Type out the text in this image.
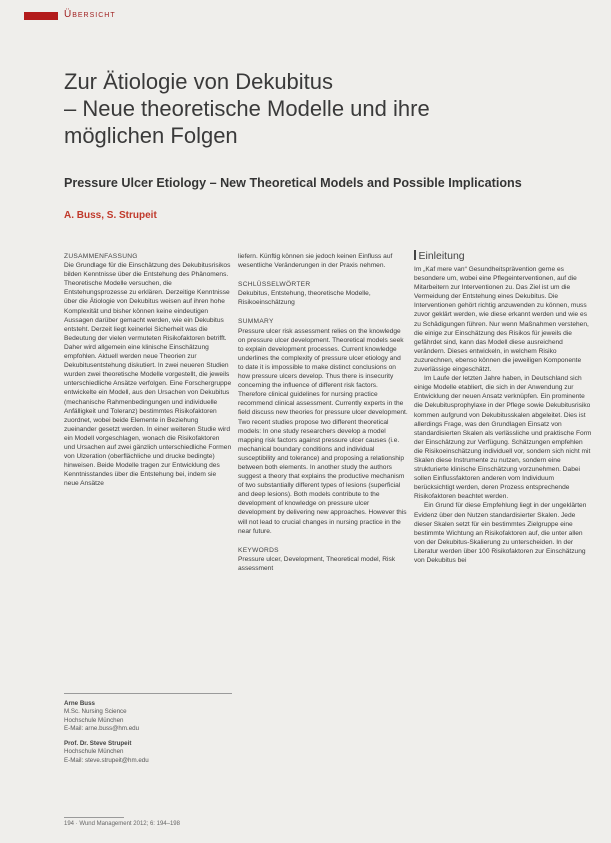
Übersicht
Zur Ätiologie von Dekubitus
– Neue theoretische Modelle und ihre
möglichen Folgen
Pressure Ulcer Etiology – New Theoretical Models and Possible Implications
A. Buss, S. Strupeit

ZUSAMMENFASSUNG

Die Grundlage für die Einschätzung des Dekubitusrisikos bilden Kenntnisse über die Entstehung des Phänomens. Theoretische Modelle versuchen, die Entstehungsprozesse zu erklären. Derzeitige Kenntnisse über die Ätiologie von Dekubitus weisen auf ihren hohe Komplexität und bisher können keine eindeutigen Aussagen darüber gemacht werden, wie ein Dekubitus entsteht. Derzeit liegt keinerlei Sicherheit was die Bedeutung der vielen vermuteten Risikofaktoren betrifft. Daher wird allgemein eine klinische Einschätzung empfohlen. Aktuell werden neue Theorien zur Dekubitusentstehung diskutiert. In zwei neueren Studien wurden zwei theoretische Modelle vorgestellt, die jeweils unterschiedliche Ansätze verfolgen. Eine Forschergruppe entwickelte ein Modell, aus den Ursachen von Dekubitus (mechanische Rahmenbedingungen und individuelle Anfälligkeit und Toleranz) bestimmtes Risikofaktoren zuordnet, wobei beide Elemente in Beziehung zueinander gesetzt werden. In einer weiteren Studie wird ein Modell vorgeschlagen, wonach die Risikofaktoren und Ursachen auf zwei gänzlich unterschiedliche Formen von Ulzeration (oberflächliche und drucke bedingte) hinweisen. Beide Modelle tragen zur Entwicklung des Kenntnisstandes über die Entstehung bei, indem sie neue Ansätze

liefern. Künftig können sie jedoch keinen Einfluss auf wesentliche Veränderungen in der Praxis nehmen.

SCHLÜSSELWÖRTER

Dekubitus, Entstehung, theoretische Modelle, Risikoeinschätzung

SUMMARY

Pressure ulcer risk assessment relies on the knowledge on pressure ulcer development. Theoretical models seek to explain development processes. Current knowledge underlines the complexity of pressure ulcer etiology and to date it is impossible to make distinct conclusions on how pressure ulcers develop. Thus there is insecurity concerning the influence of different risk factors. Therefore clinical guidelines for nursing practice recommend clinical assessment. Currently experts in the field discuss new theories for pressure ulcer development. Two recent studies propose two different theoretical models: In one study researchers develop a model mapping risk factors against pressure ulcer causes (i.e. mechanical boundary conditions and individual susceptibility and tolerance) and proposing a relationship between both elements. In another study the authors suggest a theory that explains the productive mechanism of two substantially different types of lesions (superficial and deep lesions). Both models contribute to the development of knowledge on pressure ulcer development by delivering new approaches. However this will not lead to crucial changes in nursing practice in the near future.

KEYWORDS

Pressure ulcer, Development, Theoretical model, Risk assessment

Einleitung

Im „Kaf mere van“ Gesundheitsprävention gerne es besondere um, wobei eine Pflegeinterventionen, auf die Mitarbeitern zur Interventionen zu. Das Ziel ist um die Vermeidung der Entstehung eines Dekubitus. Die Interventionen gehört richtig anzuwenden zu können, muss zuvor geklärt werden, wie diese erkannt werden und wie es zu Schädigungen führen. Nur wenn Maßnahmen verstehen, die einige zur Einschätzung des Risikos für jeweils die gefährdet sind, kann das Modell diese ausreichend verändern. Dieses entwickeln, in welchem Risiko zuzurechnen, ebenso können die jeweiligen Komponente zuverlässige eingeschätzt.

Im Laufe der letzten Jahre haben, in Deutschland sich einige Modelle etabliert, die sich in der Anwendung zur Entwicklung der neuen Ansatz verknüpfen. Ein prominente die Dekubitusprophylaxe in der Pflege sowie Dekubitusrisiko kommen aufgrund von Dekubitusskalen abgeleitet. Dies ist allerdings Frage, was den Grundlagen Einsatz von standardisierten Skalen als verlässliche und praktische Form der Einschätzung zur Verfügung. Schätzungen empfehlen die Risikoeinschätzung individuell vor, sondern sich nicht mit Skalen diese Instrumente zu nutzen, sondern eine strukturierte klinische Einschätzung vorzunehmen. Dabei sollen Einflussfaktoren anderen vom Individuum berücksichtigt werden, deren Prozess entsprechende Risikofaktoren beachtet werden.

Ein Grund für diese Empfehlung liegt in der ungeklärten Evidenz über den Nutzen standardisierter Skalen. Jede dieser Skalen setzt für ein bestimmtes Zielgruppe eine bestimmte Wichtung an Risikofaktoren auf, die unter allen von der Dekubitus-Skalierung zu unterscheiden. In der Literatur werden über 100 Risikofaktoren zur Einschätzung von Dekubitus bei

Arne Buss
M.Sc. Nursing Science
Hochschule München
E-Mail: arne.buss@hm.edu
Prof. Dr. Steve Strupeit
Hochschule München
E-Mail: steve.strupeit@hm.edu
194 · Wund Management 2012; 6: 194–198
